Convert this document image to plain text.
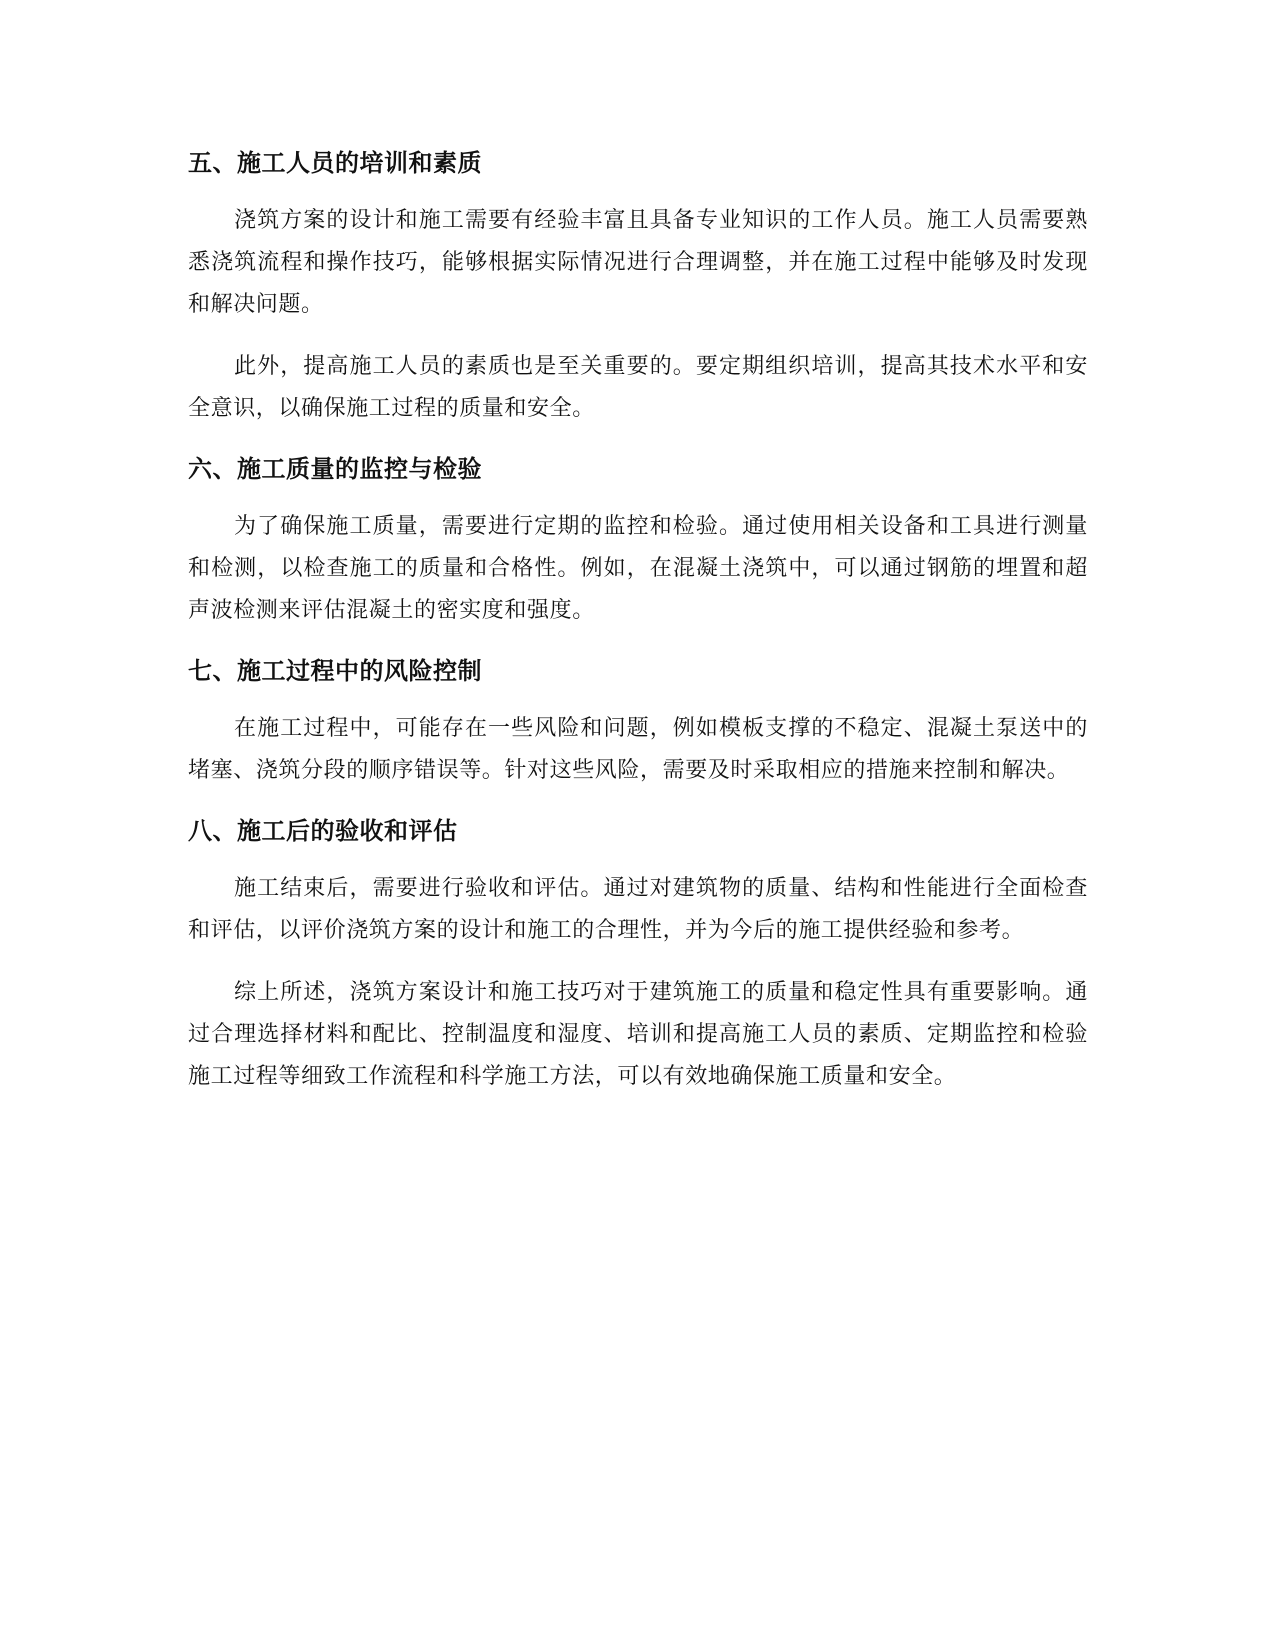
五、施工人员的培训和素质

浇筑方案的设计和施工需要有经验丰富且具备专业知识的工作人员。施工人员需要熟悉浇筑流程和操作技巧，能够根据实际情况进行合理调整，并在施工过程中能够及时发现和解决问题。

此外，提高施工人员的素质也是至关重要的。要定期组织培训，提高其技术水平和安全意识，以确保施工过程的质量和安全。

六、施工质量的监控与检验

为了确保施工质量，需要进行定期的监控和检验。通过使用相关设备和工具进行测量和检测，以检查施工的质量和合格性。例如，在混凝土浇筑中，可以通过钢筋的埋置和超声波检测来评估混凝土的密实度和强度。

七、施工过程中的风险控制

在施工过程中，可能存在一些风险和问题，例如模板支撑的不稳定、混凝土泵送中的堵塞、浇筑分段的顺序错误等。针对这些风险，需要及时采取相应的措施来控制和解决。

八、施工后的验收和评估

施工结束后，需要进行验收和评估。通过对建筑物的质量、结构和性能进行全面检查和评估，以评价浇筑方案的设计和施工的合理性，并为今后的施工提供经验和参考。

综上所述，浇筑方案设计和施工技巧对于建筑施工的质量和稳定性具有重要影响。通过合理选择材料和配比、控制温度和湿度、培训和提高施工人员的素质、定期监控和检验施工过程等细致工作流程和科学施工方法，可以有效地确保施工质量和安全。
